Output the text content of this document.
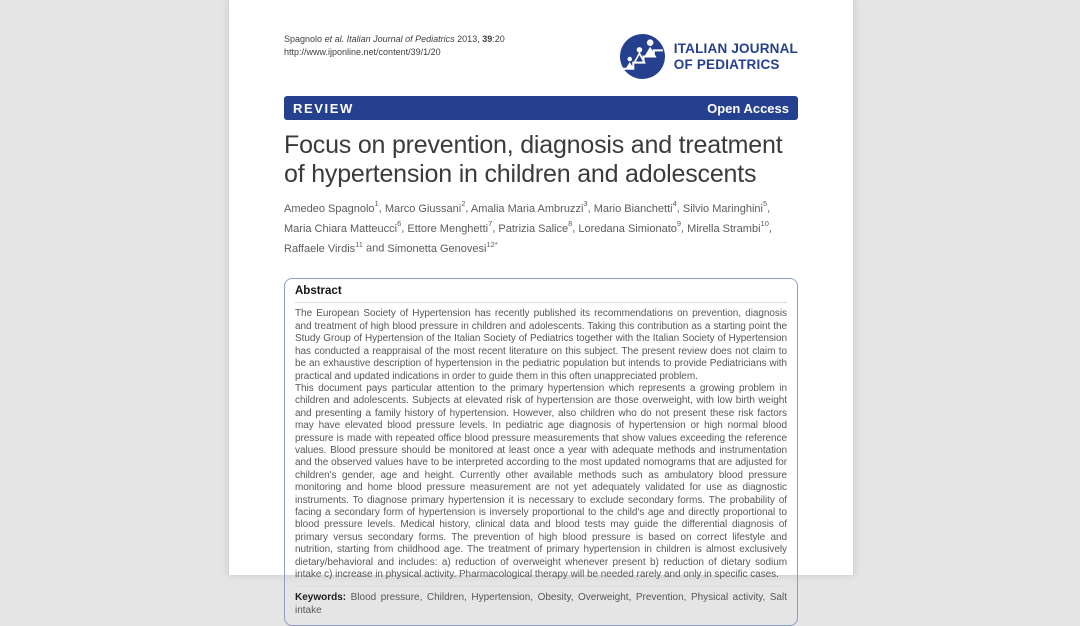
Spagnolo et al. Italian Journal of Pediatrics 2013, 39:20
http://www.ijponline.net/content/39/1/20	ITALIAN JOURNAL
OF PEDIATRICS
REVIEW	Open Access
Focus on prevention, diagnosis and treatment of hypertension in children and adolescents
Amedeo Spagnolo$^1$, Marco Giussani$^2$, Amalia Maria Ambruzzi$^3$, Mario Bianchetti$^4$, Silvio Maringhini$^5$, Maria Chiara Matteucci$^6$, Ettore Menghetti$^7$, Patrizia Salice$^8$, Loredana Simionato$^9$, Mirella Strambi$^{10}$, Raffaele Virdis$^{11}$ and Simonetta Genovesi$^{12*}$
Abstract

The European Society of Hypertension has recently published its recommendations on prevention, diagnosis and treatment of high blood pressure in children and adolescents. Taking this contribution as a starting point the Study Group of Hypertension of the Italian Society of Pediatrics together with the Italian Society of Hypertension has conducted a reappraisal of the most recent literature on this subject. The present review does not claim to be an exhaustive description of hypertension in the pediatric population but intends to provide Pediatricians with practical and updated indications in order to guide them in this often unappreciated problem.

This document pays particular attention to the primary hypertension which represents a growing problem in children and adolescents. Subjects at elevated risk of hypertension are those overweight, with low birth weight and presenting a family history of hypertension. However, also children who do not present these risk factors may have elevated blood pressure levels. In pediatric age diagnosis of hypertension or high normal blood pressure is made with repeated office blood pressure measurements that show values exceeding the reference values. Blood pressure should be monitored at least once a year with adequate methods and instrumentation and the observed values have to be interpreted according to the most updated nomograms that are adjusted for children's gender, age and height. Currently other available methods such as ambulatory blood pressure monitoring and home blood pressure measurement are not yet adequately validated for use as diagnostic instruments. To diagnose primary hypertension it is necessary to exclude secondary forms. The probability of facing a secondary form of hypertension is inversely proportional to the child's age and directly proportional to blood pressure levels. Medical history, clinical data and blood tests may guide the differential diagnosis of primary versus secondary forms. The prevention of high blood pressure is based on correct lifestyle and nutrition, starting from childhood age. The treatment of primary hypertension in children is almost exclusively dietary/behavioral and includes: a) reduction of overweight whenever present b) reduction of dietary sodium intake c) increase in physical activity. Pharmacological therapy will be needed rarely and only in specific cases.

Keywords: Blood pressure, Children, Hypertension, Obesity, Overweight, Prevention, Physical activity, Salt intake
